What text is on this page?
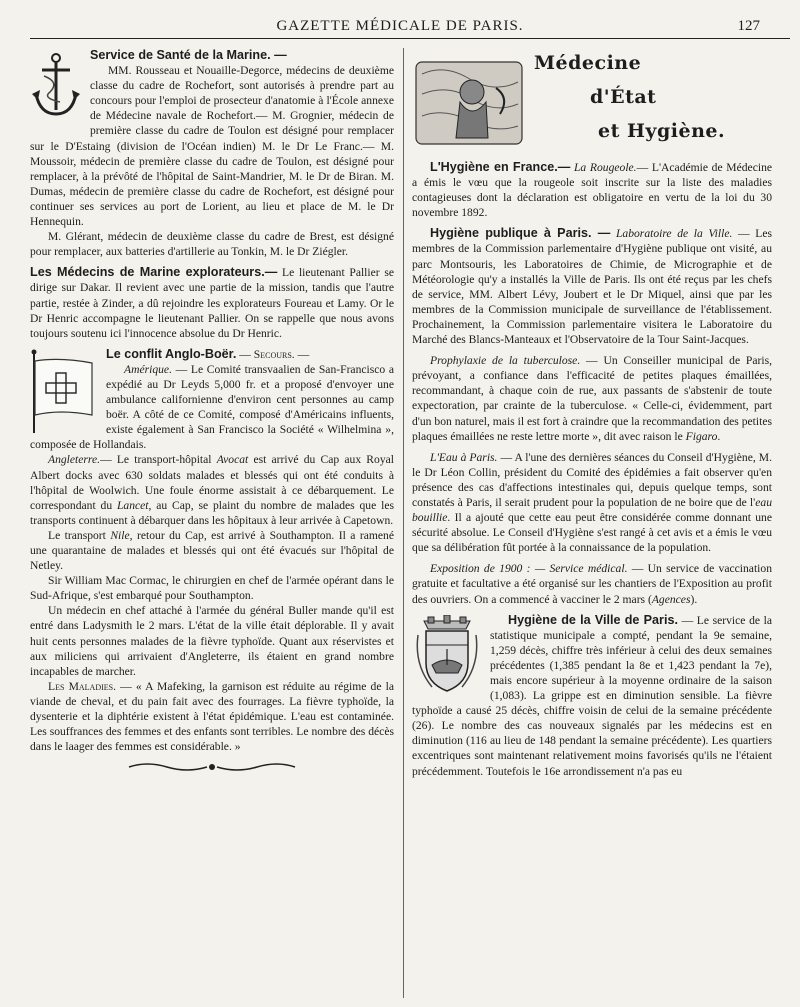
GAZETTE MÉDICALE DE PARIS.	127

Service de Santé de la Marine. —

MM. Rousseau et Nouaille-Degorce, médecins de deuxième classe du cadre de Rochefort, sont autorisés à prendre part au concours pour l'emploi de prosecteur d'anatomie à l'École annexe de Médecine navale de Rochefort.— M. Grognier, médecin de première classe du cadre de Toulon est désigné pour remplacer sur le D'Estaing (division de l'Océan indien) M. le Dr Le Franc.— M. Moussoir, médecin de première classe du cadre de Toulon, est désigné pour remplacer, à la prévôté de l'hôpital de Saint-Mandrier, M. le Dr de Biran. M. Dumas, médecin de première classe du cadre de Rochefort, est désigné pour continuer ses services au port de Lorient, au lieu et place de M. le Dr Hennequin.

M. Glérant, médecin de deuxième classe du cadre de Brest, est désigné pour remplacer, aux batteries d'artillerie au Tonkin, M. le Dr Ziégler.

Les Médecins de Marine explorateurs.— Le lieutenant Pallier se dirige sur Dakar. Il revient avec une partie de la mission, tandis que l'autre partie, restée à Zinder, a dû rejoindre les explorateurs Foureau et Lamy. Or le Dr Henric accompagne le lieutenant Pallier. On se rappelle que nous avons toujours soutenu ici l'innocence absolue du Dr Henric.

Le conflit Anglo-Boër. — Secours. —

Amérique. — Le Comité transvaalien de San-Francisco a expédié au Dr Leyds 5,000 fr. et a proposé d'envoyer une ambulance californienne d'environ cent personnes au camp boër. A côté de ce Comité, composé d'Américains influents, existe également à San Francisco la Société « Wilhelmina », composée de Hollandais.

Angleterre.— Le transport-hôpital Avocat est arrivé du Cap aux Royal Albert docks avec 630 soldats malades et blessés qui ont été conduits à l'hôpital de Woolwich. Une foule énorme assistait à ce débarquement. Le correspondant du Lancet, au Cap, se plaint du nombre de malades que les transports continuent à débarquer dans les hôpitaux à leur arrivée à Capetown.

Le transport Nile, retour du Cap, est arrivé à Southampton. Il a ramené une quarantaine de malades et blessés qui ont été évacués sur l'hôpital de Netley.

Sir William Mac Cormac, le chirurgien en chef de l'armée opérant dans le Sud-Afrique, s'est embarqué pour Southampton.

Un médecin en chef attaché à l'armée du général Buller mande qu'il est entré dans Ladysmith le 2 mars. L'état de la ville était déplorable. Il y avait huit cents personnes malades de la fièvre typhoïde. Quant aux réservistes et aux miliciens qui arrivaient d'Angleterre, ils étaient en grand nombre incapables de marcher.

Les Maladies. — « A Mafeking, la garnison est réduite au régime de la viande de cheval, et du pain fait avec des fourrages. La fièvre typhoïde, la dysenterie et la diphtérie existent à l'état épidémique. L'eau est contaminée. Les souffrances des femmes et des enfants sont terribles. Le nombre des décès dans le laager des femmes est considérable. »

Médecine
d'État
et Hygiène.

L'Hygiène en France.— La Rougeole.— L'Académie de Médecine a émis le vœu que la rougeole soit inscrite sur la liste des maladies contagieuses dont la déclaration est obligatoire en vertu de la loi du 30 novembre 1892.

Hygiène publique à Paris. — Laboratoire de la Ville. — Les membres de la Commission parlementaire d'Hygiène publique ont visité, au parc Montsouris, les Laboratoires de Chimie, de Micrographie et de Météorologie qu'y a installés la Ville de Paris. Ils ont été reçus par les chefs de service, MM. Albert Lévy, Joubert et le Dr Miquel, ainsi que par les membres de la Commission municipale de surveillance de l'établissement. Prochainement, la Commission parlementaire visitera le Laboratoire du Marché des Blancs-Manteaux et l'Observatoire de la Tour Saint-Jacques.

Prophylaxie de la tuberculose. — Un Conseiller municipal de Paris, prévoyant, a confiance dans l'efficacité de petites plaques émaillées, recommandant, à chaque coin de rue, aux passants de s'abstenir de toute expectoration, par crainte de la tuberculose. « Celle-ci, évidemment, part d'un bon naturel, mais il est fort à craindre que la recommandation des petites plaques émaillées ne reste lettre morte », dit avec raison le Figaro.

L'Eau à Paris. — A l'une des dernières séances du Conseil d'Hygiène, M. le Dr Léon Collin, président du Comité des épidémies a fait observer qu'en présence des cas d'affections intestinales qui, depuis quelque temps, sont constatés à Paris, il serait prudent pour la population de ne boire que de l'eau bouillie. Il a ajouté que cette eau peut être considérée comme donnant une sécurité absolue. Le Conseil d'Hygiène s'est rangé à cet avis et a émis le vœu que sa délibération fût portée à la connaissance de la population.

Exposition de 1900 : — Service médical. — Un service de vaccination gratuite et facultative a été organisé sur les chantiers de l'Exposition au profit des ouvriers. On a commencé à vacciner le 2 mars (Agences).

Hygiène de la Ville de Paris. — Le service de la statistique municipale a compté, pendant la 9e semaine, 1,259 décès, chiffre très inférieur à celui des deux semaines précédentes (1,385 pendant la 8e et 1,423 pendant la 7e), mais encore supérieur à la moyenne ordinaire de la saison (1,083). La grippe est en diminution sensible. La fièvre typhoïde a causé 25 décès, chiffre voisin de celui de la semaine précédente (26). Le nombre des cas nouveaux signalés par les médecins est en diminution (116 au lieu de 148 pendant la semaine précédente). Les quartiers excentriques sont maintenant relativement moins favorisés qu'ils ne l'étaient précédemment. Toutefois le 16e arrondissement n'a pas eu
